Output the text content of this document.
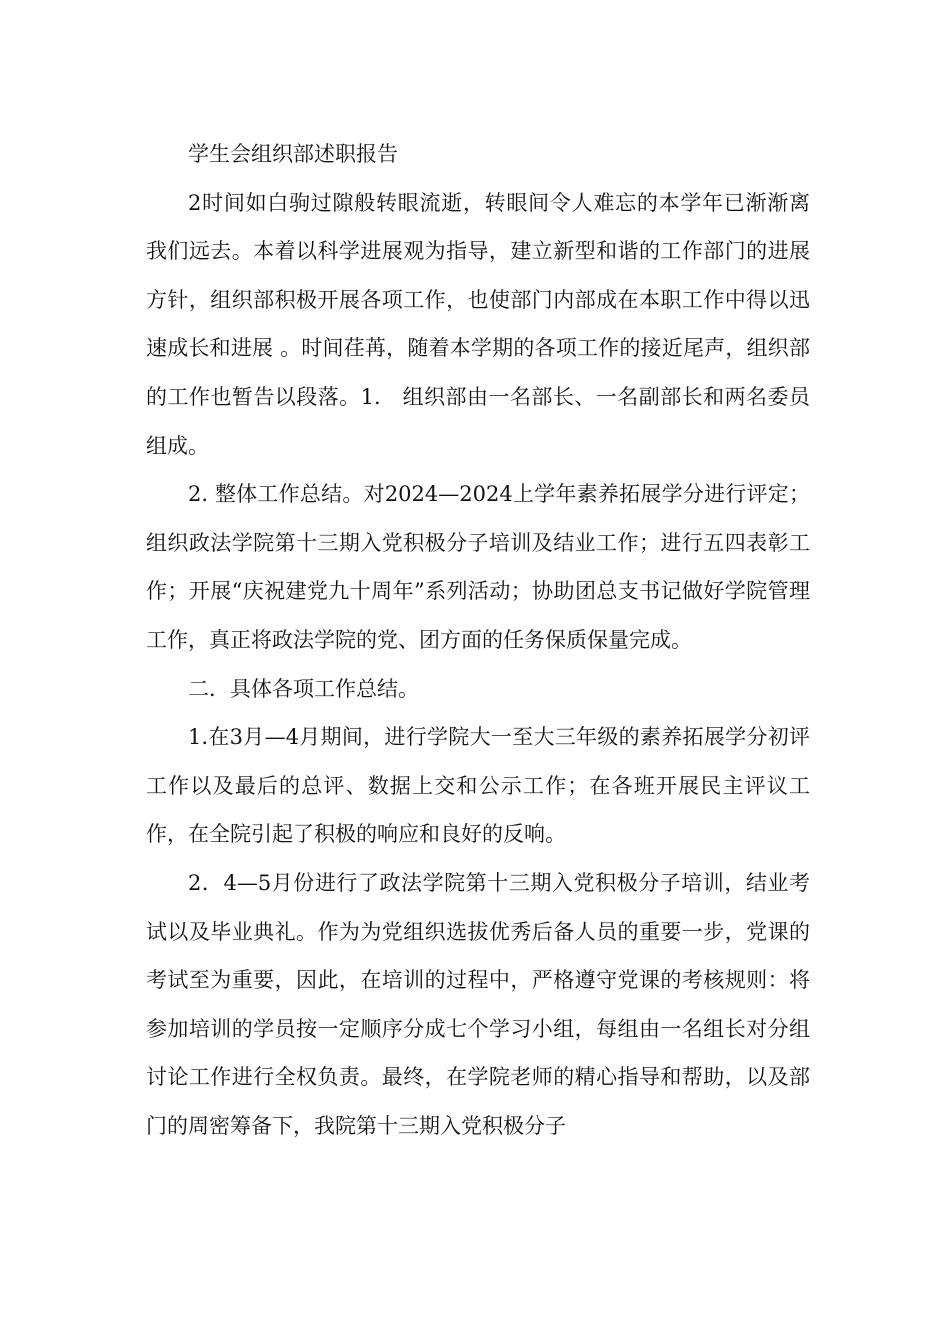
学生会组织部述职报告

2时间如白驹过隙般转眼流逝，转眼间令人难忘的本学年已渐渐离我们远去。本着以科学进展观为指导，建立新型和谐的工作部门的进展方针，组织部积极开展各项工作，也使部门内部成在本职工作中得以迅速成长和进展 。时间荏苒，随着本学期的各项工作的接近尾声，组织部的工作也暂告以段落。1.　组织部由一名部长、一名副部长和两名委员组成。

2. 整体工作总结。对2024—2024上学年素养拓展学分进行评定；组织政法学院第十三期入党积极分子培训及结业工作；进行五四表彰工作；开展“庆祝建党九十周年”系列活动；协助团总支书记做好学院管理工作，真正将政法学院的党、团方面的任务保质保量完成。

二．具体各项工作总结。

1.在3月—4月期间，进行学院大一至大三年级的素养拓展学分初评工作以及最后的总评、数据上交和公示工作；在各班开展民主评议工作，在全院引起了积极的响应和良好的反响。

2．4—5月份进行了政法学院第十三期入党积极分子培训，结业考试以及毕业典礼。作为为党组织选拔优秀后备人员的重要一步，党课的考试至为重要，因此，在培训的过程中，严格遵守党课的考核规则：将参加培训的学员按一定顺序分成七个学习小组，每组由一名组长对分组讨论工作进行全权负责。最终，在学院老师的精心指导和帮助，以及部门的周密筹备下，我院第十三期入党积极分子
